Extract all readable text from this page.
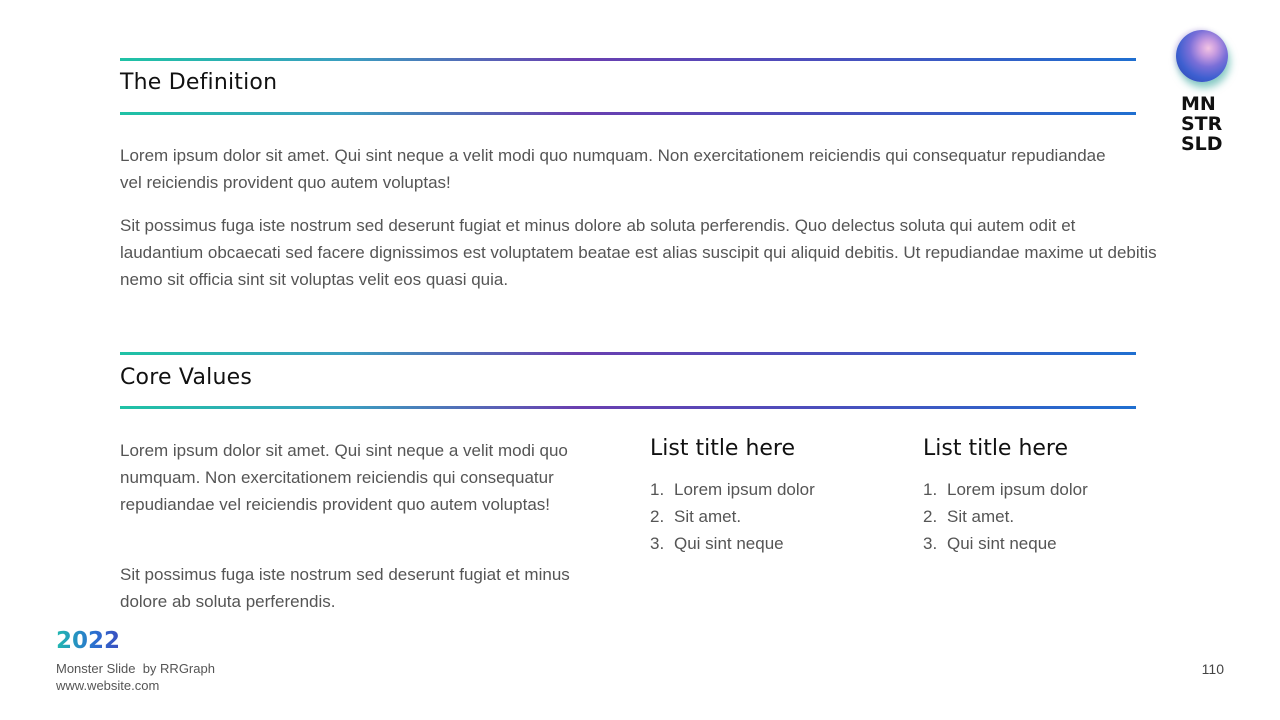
The Definition

Lorem ipsum dolor sit amet. Qui sint neque a velit modi quo numquam. Non exercitationem reiciendis qui consequatur repudiandae vel reiciendis provident quo autem voluptas!

Sit possimus fuga iste nostrum sed deserunt fugiat et minus dolore ab soluta perferendis. Quo delectus soluta qui autem odit et laudantium obcaecati sed facere dignissimos est voluptatem beatae est alias suscipit qui aliquid debitis. Ut repudiandae maxime ut debitis nemo sit officia sint sit voluptas velit eos quasi quia.

Core Values

Lorem ipsum dolor sit amet. Qui sint neque a velit modi quo numquam. Non exercitationem reiciendis qui consequatur repudiandae vel reiciendis provident quo autem voluptas!

Sit possimus fuga iste nostrum sed deserunt fugiat et minus dolore ab soluta perferendis.

List title here
1. Lorem ipsum dolor
2. Sit amet.
3. Qui sint neque
List title here
1. Lorem ipsum dolor
2. Sit amet.
3. Qui sint neque
MN
STR
SLD
2022
Monster Slide  by RRGraph
www.website.com
110
